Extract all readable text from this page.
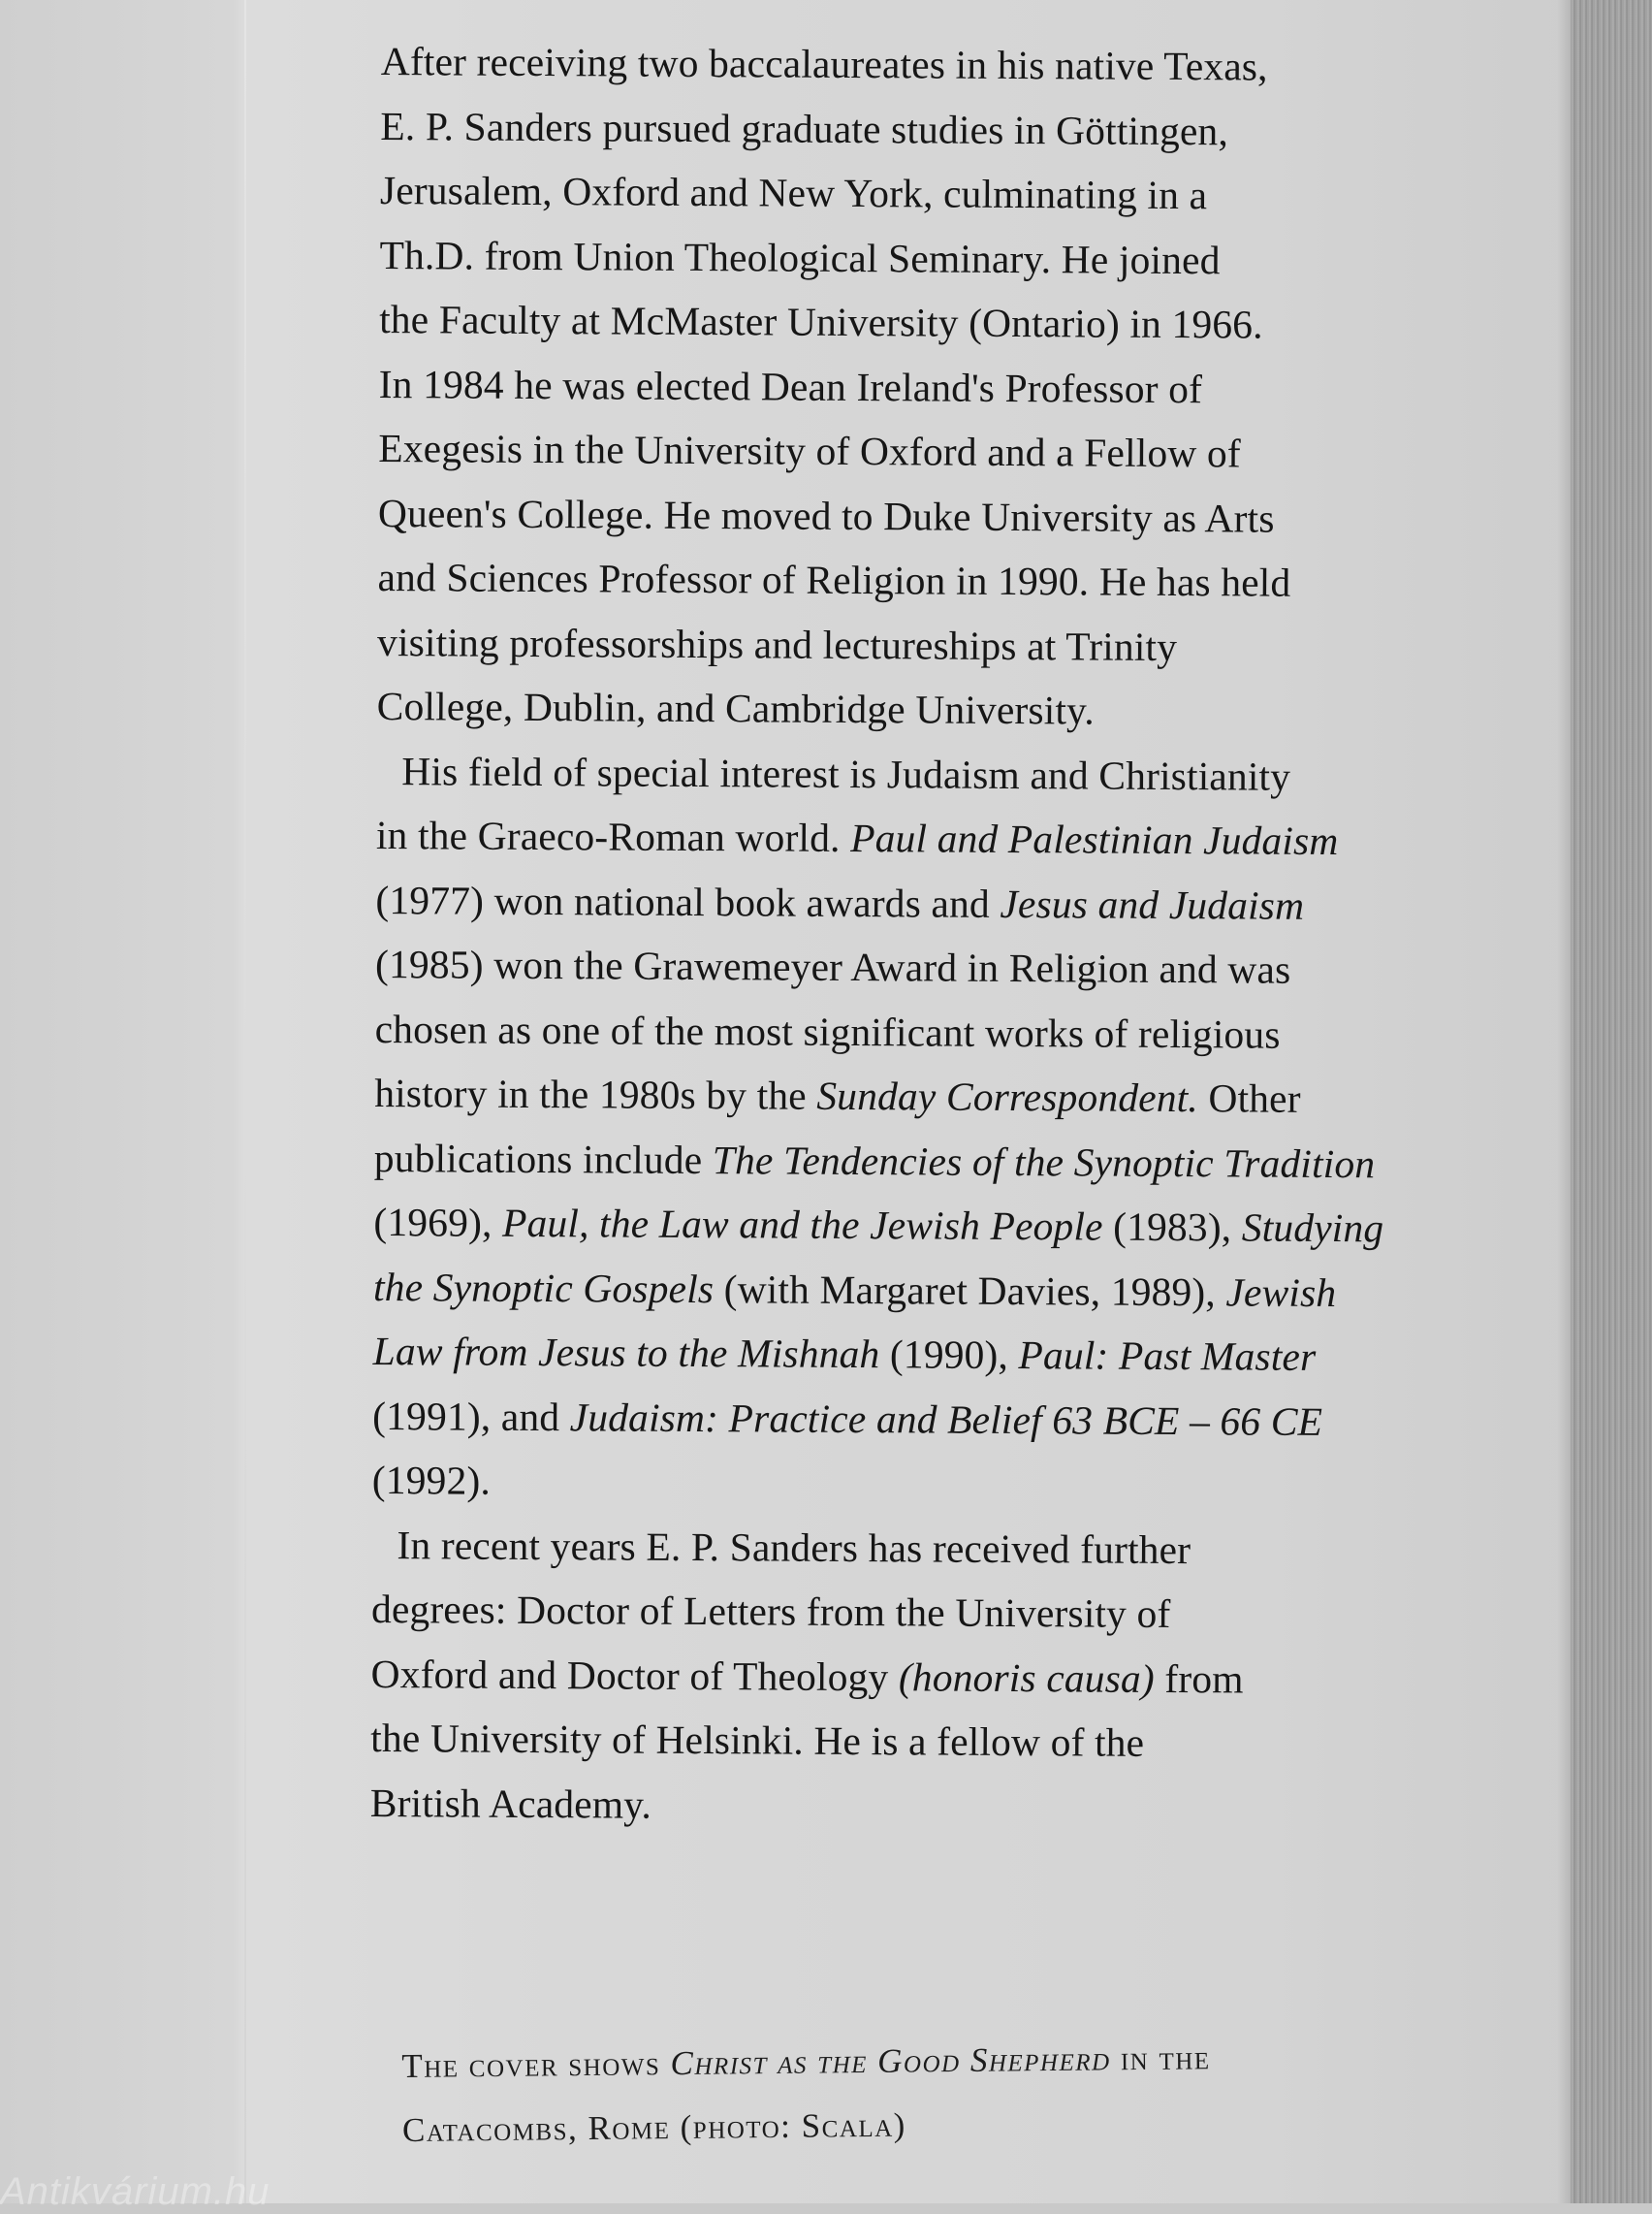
After receiving two baccalaureates in his native Texas,
E. P. Sanders pursued graduate studies in Göttingen,
Jerusalem, Oxford and New York, culminating in a
Th.D. from Union Theological Seminary. He joined
the Faculty at McMaster University (Ontario) in 1966.
In 1984 he was elected Dean Ireland's Professor of
Exegesis in the University of Oxford and a Fellow of
Queen's College. He moved to Duke University as Arts
and Sciences Professor of Religion in 1990. He has held
visiting professorships and lectureships at Trinity
College, Dublin, and Cambridge University.
His field of special interest is Judaism and Christianity
in the Graeco-Roman world. Paul and Palestinian Judaism
(1977) won national book awards and Jesus and Judaism
(1985) won the Grawemeyer Award in Religion and was
chosen as one of the most significant works of religious
history in the 1980s by the Sunday Correspondent. Other
publications include The Tendencies of the Synoptic Tradition
(1969), Paul, the Law and the Jewish People (1983), Studying
the Synoptic Gospels (with Margaret Davies, 1989), Jewish
Law from Jesus to the Mishnah (1990), Paul: Past Master
(1991), and Judaism: Practice and Belief 63 BCE – 66 CE
(1992).
In recent years E. P. Sanders has received further
degrees: Doctor of Letters from the University of
Oxford and Doctor of Theology (honoris causa) from
the University of Helsinki. He is a fellow of the
British Academy.
The cover shows Christ as the Good Shepherd in the
Catacombs, Rome (photo: Scala)
Antikvárium.hu
